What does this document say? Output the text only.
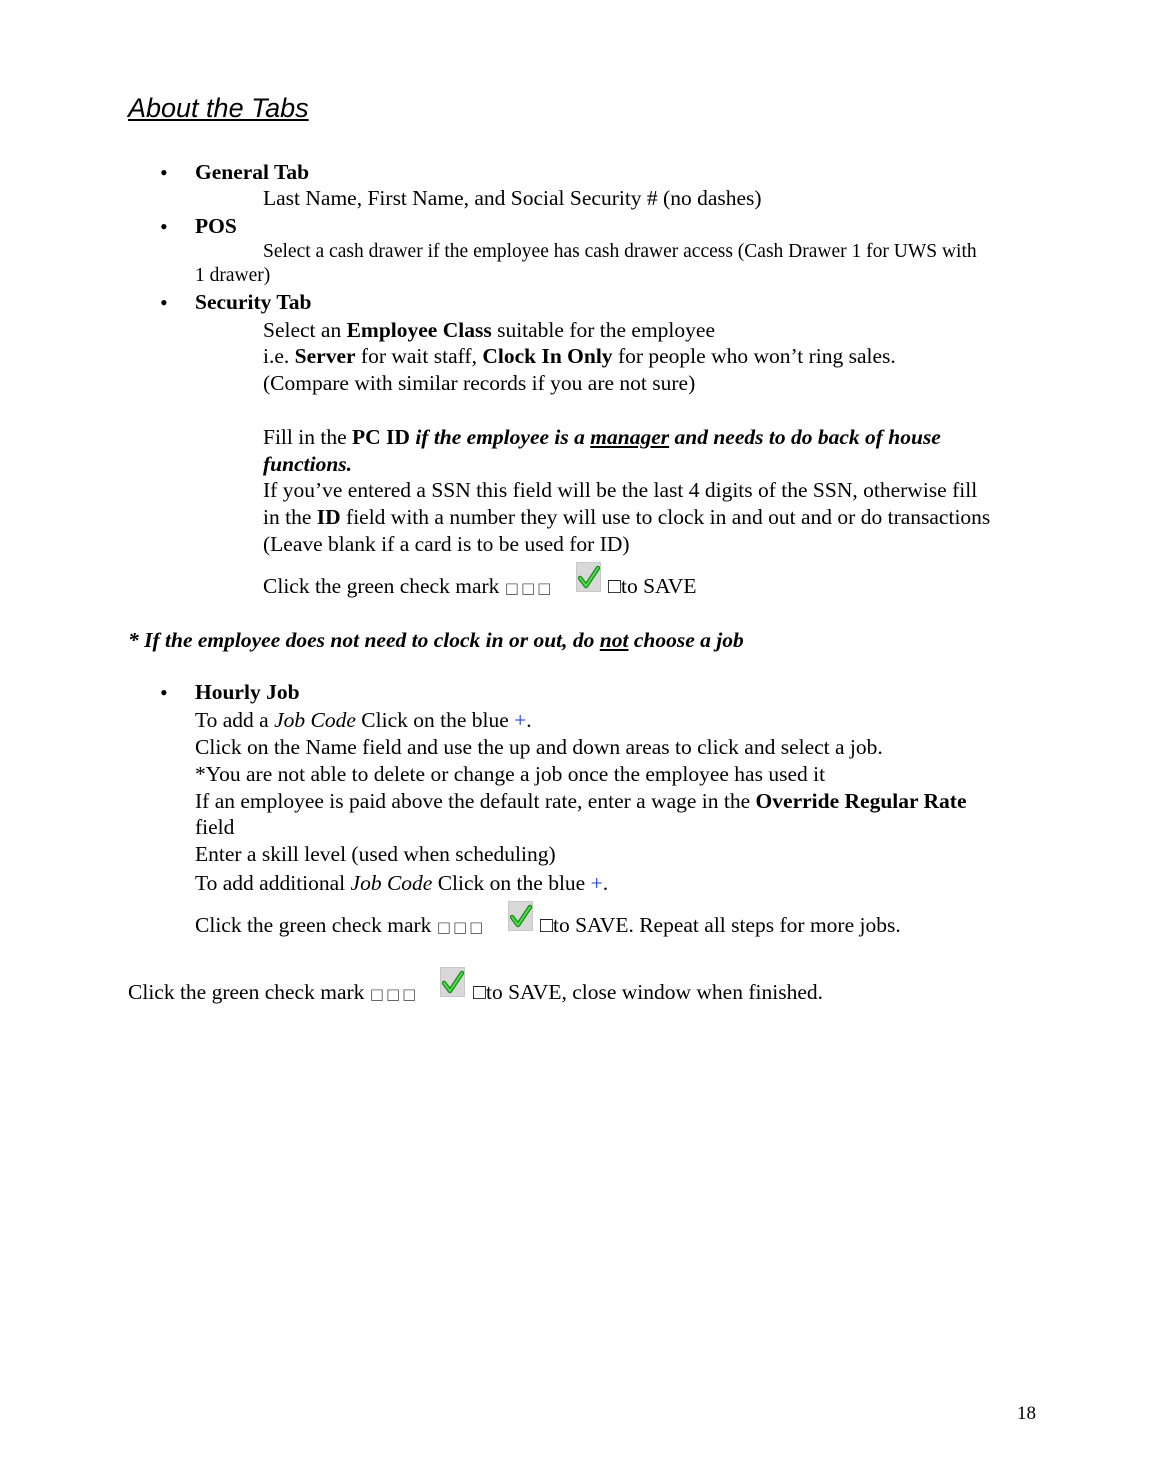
About the Tabs
• General Tab
Last Name, First Name, and Social Security # (no dashes)
• POS
Select a cash drawer if the employee has cash drawer access (Cash Drawer 1 for UWS with
1 drawer)
• Security Tab
Select an Employee Class suitable for the employee
i.e. Server for wait staff, Clock In Only for people who won’t ring sales.
(Compare with similar records if you are not sure)
Fill in the PC ID if the employee is a manager and needs to do back of house
functions.
If you’ve entered a SSN this field will be the last 4 digits of the SSN, otherwise fill
in the ID field with a number they will use to clock in and out and or do transactions
(Leave blank if a card is to be used for ID)
Click the green check mark □□□	□to SAVE
* If the employee does not need to clock in or out, do not choose a job
• Hourly Job
To add a Job Code Click on the blue +.
Click on the Name field and use the up and down areas to click and select a job.
*You are not able to delete or change a job once the employee has used it
If an employee is paid above the default rate, enter a wage in the Override Regular Rate
field
Enter a skill level (used when scheduling)
To add additional Job Code Click on the blue +.
Click the green check mark □□□	□to SAVE. Repeat all steps for more jobs.
Click the green check mark □□□	□to SAVE, close window when finished.
18
